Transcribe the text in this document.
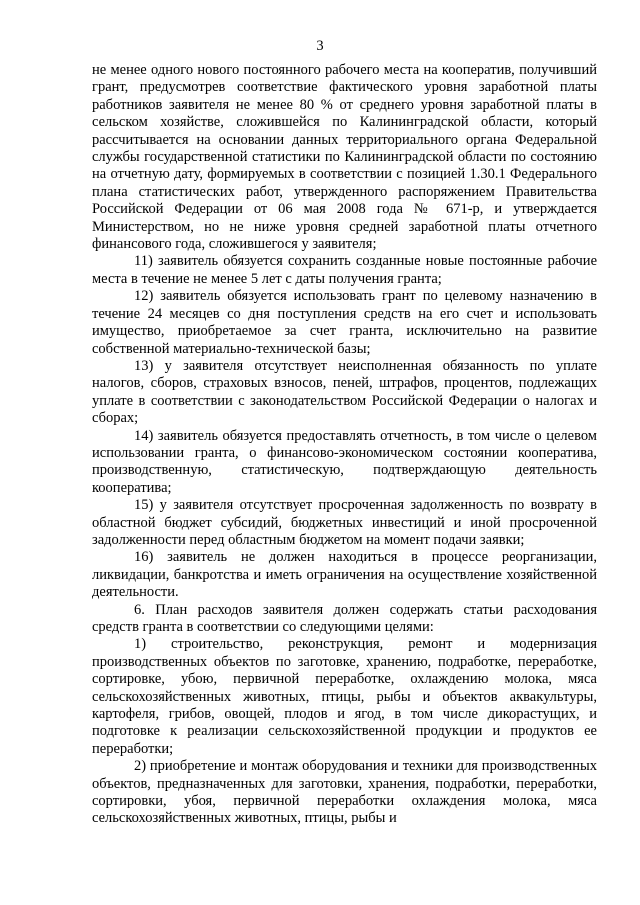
3

не менее одного нового постоянного рабочего места на кооператив, получивший грант, предусмотрев соответствие фактического уровня заработной платы работников заявителя не менее 80 % от среднего уровня заработной платы в сельском хозяйстве, сложившейся по Калининградской области, который рассчитывается на основании данных территориального органа Федеральной службы государственной статистики по Калининградской области по состоянию на отчетную дату, формируемых в соответствии с позицией 1.30.1 Федерального плана статистических работ, утвержденного распоряжением Правительства Российской Федерации от 06 мая 2008 года № 671-р, и утверждается Министерством, но не ниже уровня средней заработной платы отчетного финансового года, сложившегося у заявителя;

11) заявитель обязуется сохранить созданные новые постоянные рабочие места в течение не менее 5 лет с даты получения гранта;

12) заявитель обязуется использовать грант по целевому назначению в течение 24 месяцев со дня поступления средств на его счет и использовать имущество, приобретаемое за счет гранта, исключительно на развитие собственной материально-технической базы;

13) у заявителя отсутствует неисполненная обязанность по уплате налогов, сборов, страховых взносов, пеней, штрафов, процентов, подлежащих уплате в соответствии с законодательством Российской Федерации о налогах и сборах;

14) заявитель обязуется предоставлять отчетность, в том числе о целевом использовании гранта, о финансово-экономическом состоянии кооператива, производственную, статистическую, подтверждающую деятельность кооператива;

15) у заявителя отсутствует просроченная задолженность по возврату в областной бюджет субсидий, бюджетных инвестиций и иной просроченной задолженности перед областным бюджетом на момент подачи заявки;

16) заявитель не должен находиться в процессе реорганизации, ликвидации, банкротства и иметь ограничения на осуществление хозяйственной деятельности.

6. План расходов заявителя должен содержать статьи расходования средств гранта в соответствии со следующими целями:

1) строительство, реконструкция, ремонт и модернизация производственных объектов по заготовке, хранению, подработке, переработке, сортировке, убою, первичной переработке, охлаждению молока, мяса сельскохозяйственных животных, птицы, рыбы и объектов аквакультуры, картофеля, грибов, овощей, плодов и ягод, в том числе дикорастущих, и подготовке к реализации сельскохозяйственной продукции и продуктов ее переработки;

2) приобретение и монтаж оборудования и техники для производственных объектов, предназначенных для заготовки, хранения, подработки, переработки, сортировки, убоя, первичной переработки охлаждения молока, мяса сельскохозяйственных животных, птицы, рыбы и
